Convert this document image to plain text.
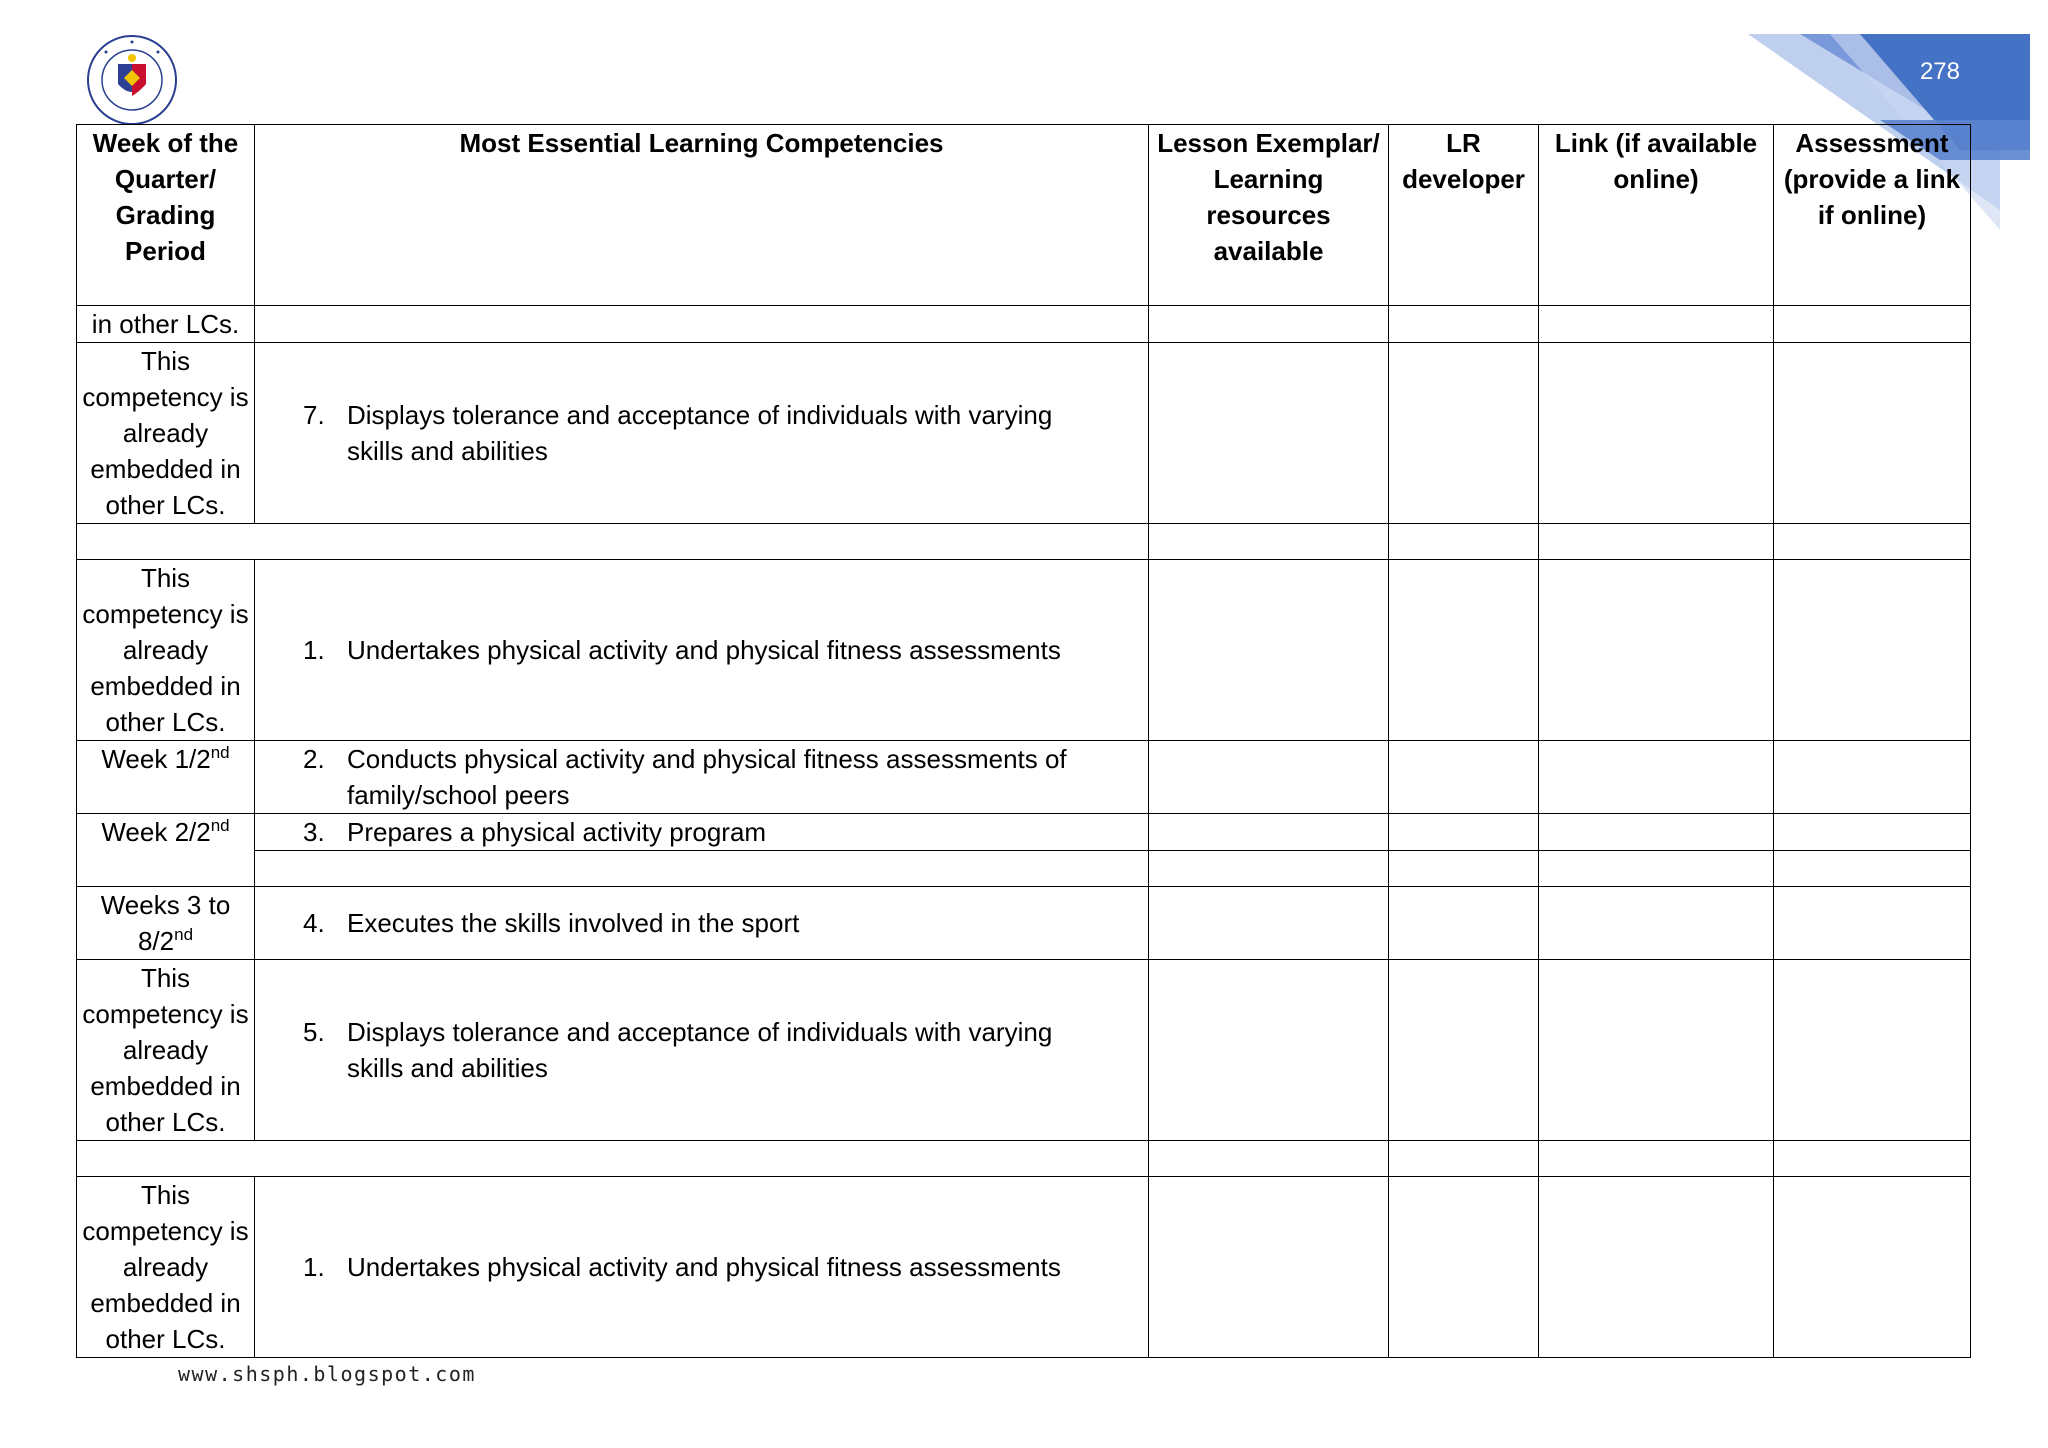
278
Week of the Quarter/ Grading Period	Most Essential Learning Competencies	Lesson Exemplar/ Learning resources available	LR developer	Link (if available online)	Assessment (provide a link if online)
in other LCs.					
This competency is already embedded in other LCs.	7. Displays tolerance and acceptance of individuals with varying skills and abilities				

This competency is already embedded in other LCs.	1. Undertakes physical activity and physical fitness assessments				

Week 1/2nd	2. Conducts physical activity and physical fitness assessments of family/school peers				

Week 2/2nd	3. Prepares a physical activity program				

Weeks 3 to 8/2nd	4. Executes the skills involved in the sport				

This competency is already embedded in other LCs.	5. Displays tolerance and acceptance of individuals with varying skills and abilities				

This competency is already embedded in other LCs.	1. Undertakes physical activity and physical fitness assessments				

www.shsph.blogspot.com
